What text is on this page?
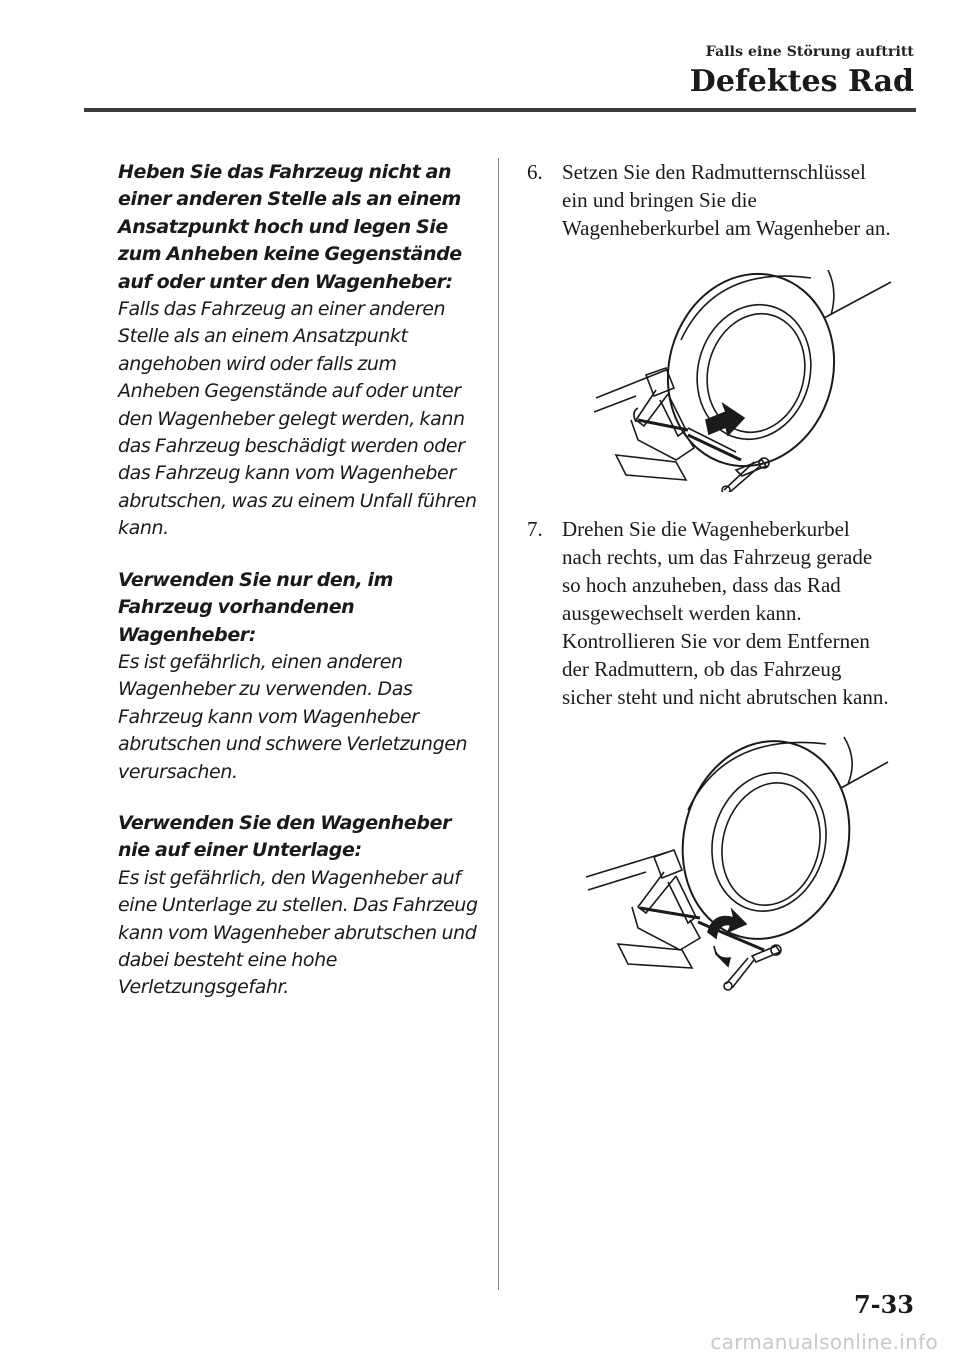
Falls eine Störung auftritt
Defektes Rad
Heben Sie das Fahrzeug nicht an einer anderen Stelle als an einem Ansatzpunkt hoch und legen Sie zum Anheben keine Gegenstände auf oder unter den Wagenheber:
Falls das Fahrzeug an einer anderen Stelle als an einem Ansatzpunkt angehoben wird oder falls zum Anheben Gegenstände auf oder unter den Wagenheber gelegt werden, kann das Fahrzeug beschädigt werden oder das Fahrzeug kann vom Wagenheber abrutschen, was zu einem Unfall führen kann.
Verwenden Sie nur den, im Fahrzeug vorhandenen Wagenheber:
Es ist gefährlich, einen anderen Wagenheber zu verwenden. Das Fahrzeug kann vom Wagenheber abrutschen und schwere Verletzungen verursachen.
Verwenden Sie den Wagenheber nie auf einer Unterlage:
Es ist gefährlich, den Wagenheber auf eine Unterlage zu stellen. Das Fahrzeug kann vom Wagenheber abrutschen und dabei besteht eine hohe Verletzungsgefahr.
6. Setzen Sie den Radmutternschlüssel
ein und bringen Sie die
Wagenheberkurbel am Wagenheber an.
7. Drehen Sie die Wagenheberkurbel
nach rechts, um das Fahrzeug gerade
so hoch anzuheben, dass das Rad
ausgewechselt werden kann.
Kontrollieren Sie vor dem Entfernen
der Radmuttern, ob das Fahrzeug
sicher steht und nicht abrutschen kann.
7-33
carmanualsonline.info
